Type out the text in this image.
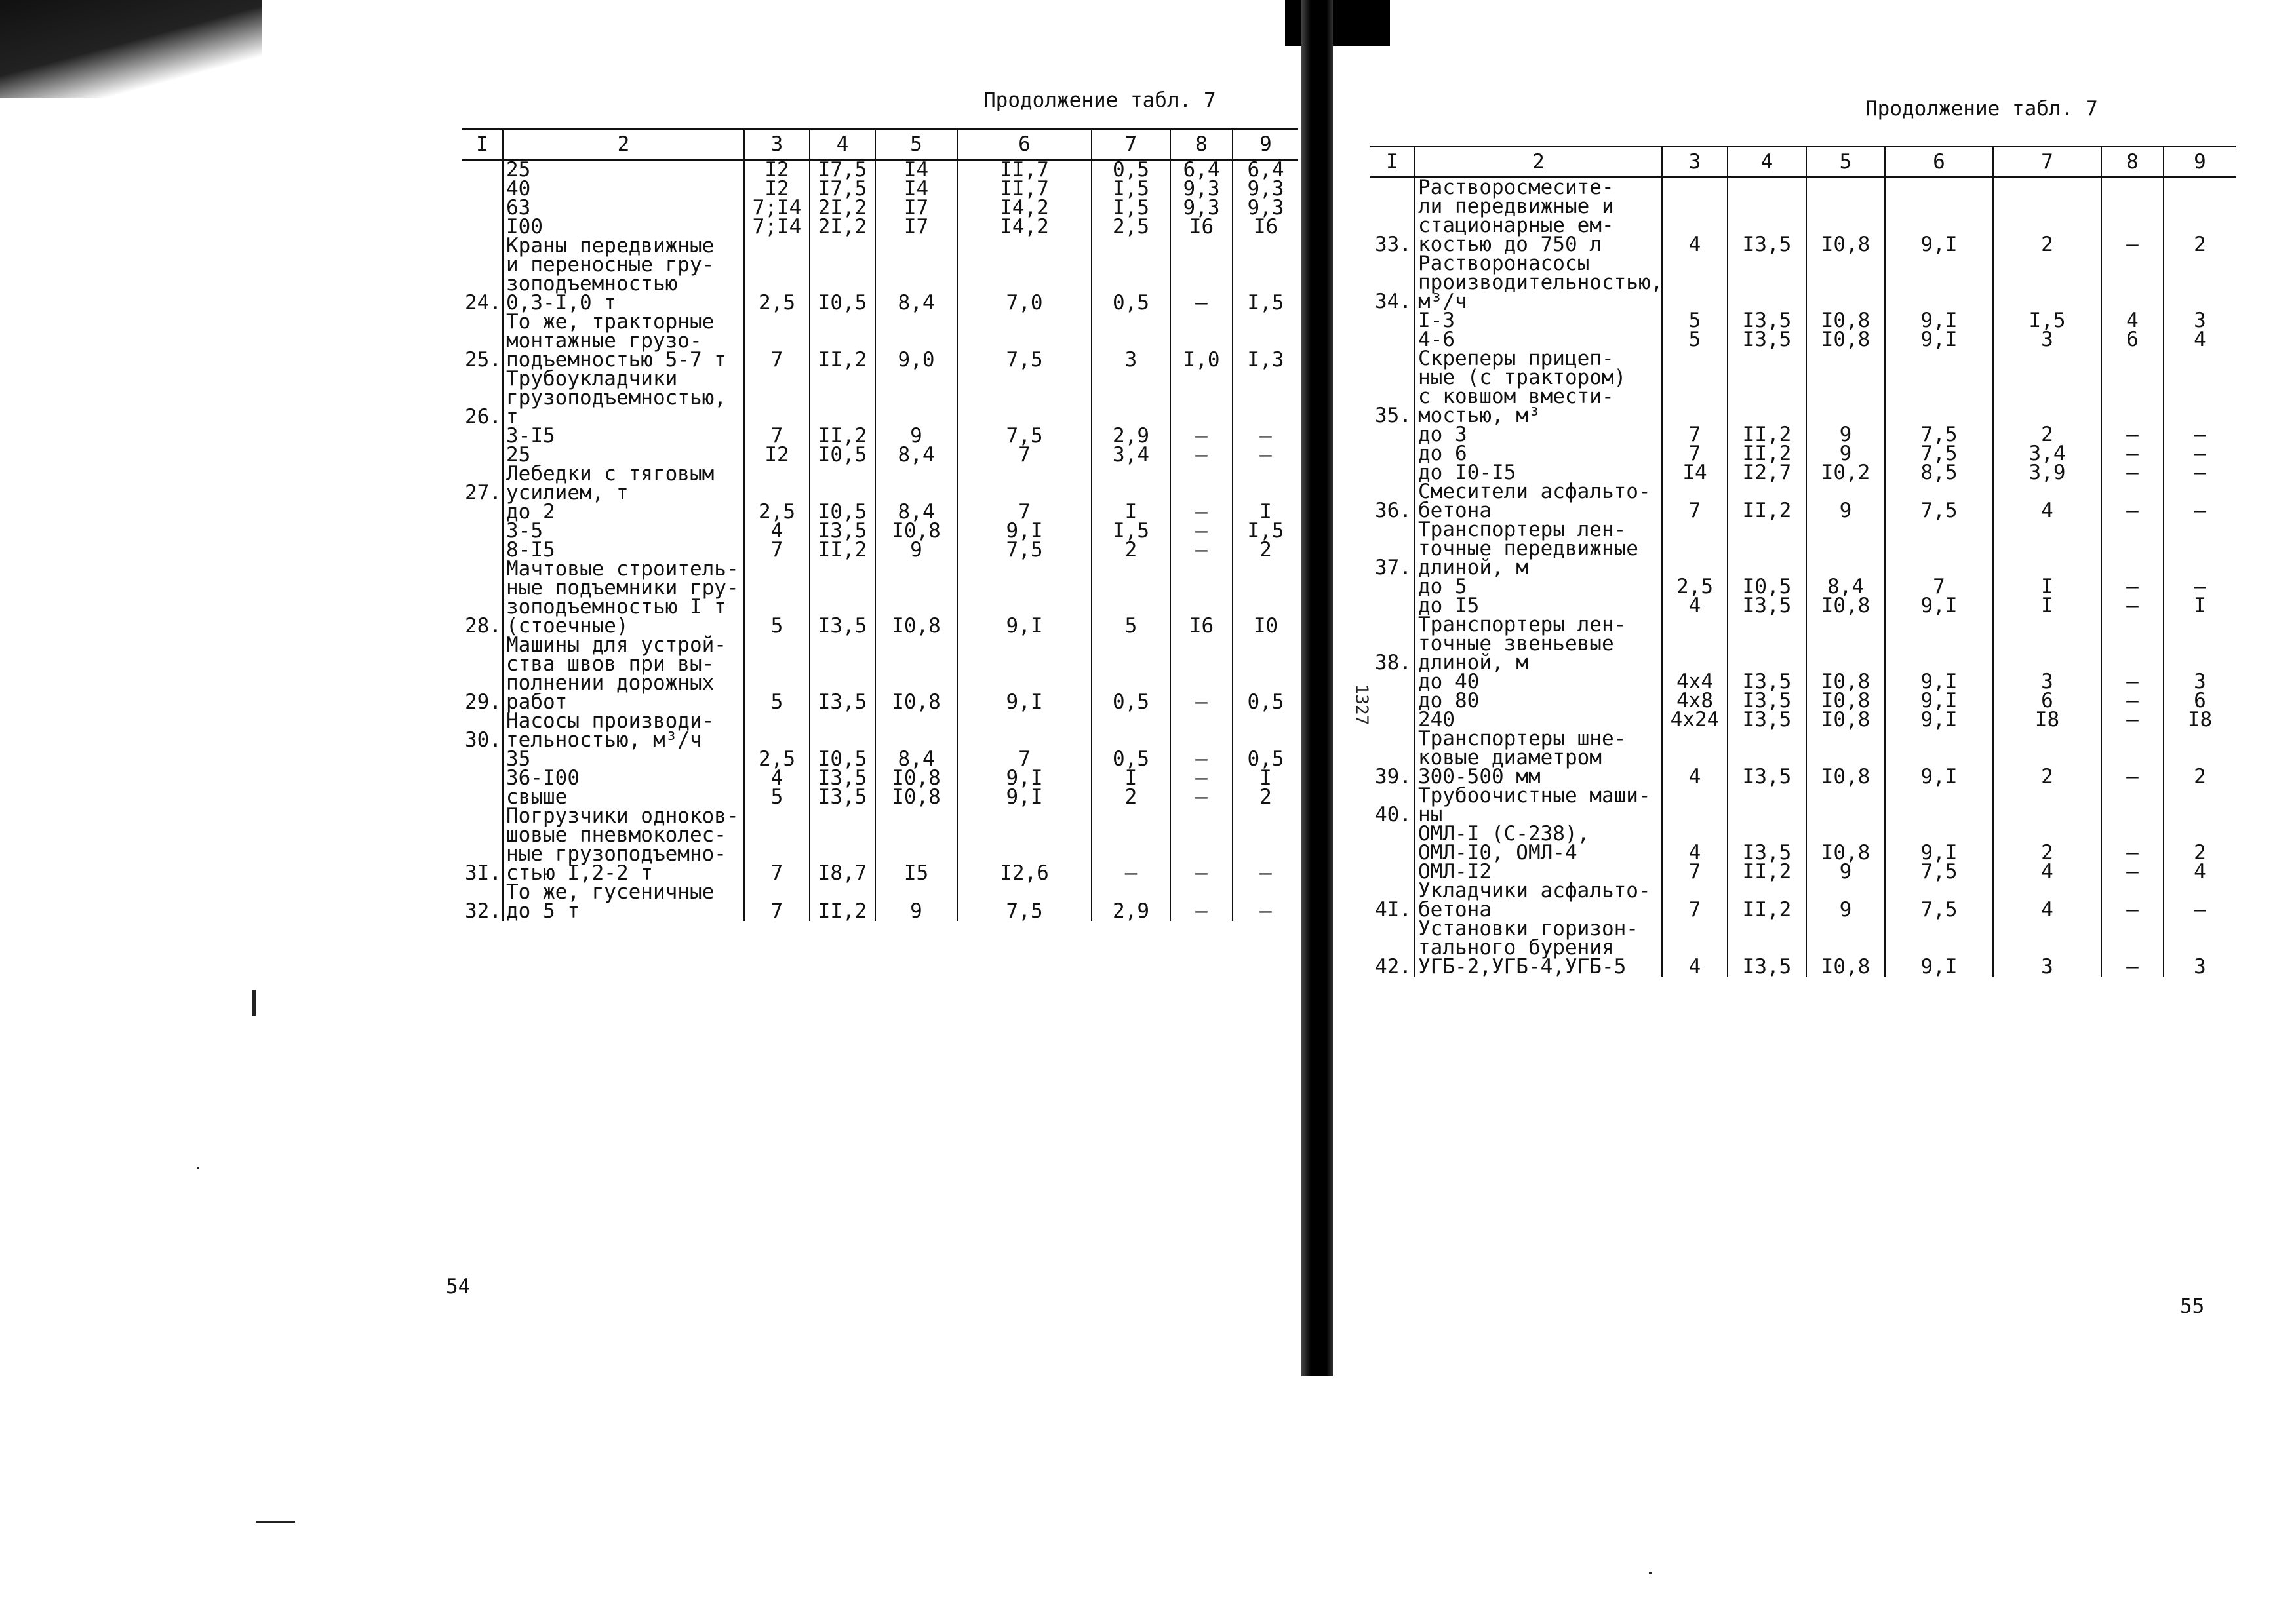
Продолжение табл. 7
I	2	3	4	5	6	7	8	9
	25	I2	I7,5	I4	II,7	0,5	6,4	6,4
	40	I2	I7,5	I4	II,7	I,5	9,3	9,3
	63	7;I4	2I,2	I7	I4,2	I,5	9,3	9,3
	I00	7;I4	2I,2	I7	I4,2	2,5	I6	I6
24.	Краны передвижные
и переносные гру-
зоподъемностью
0,3-I,0 т	2,5	I0,5	8,4	7,0	0,5	–	I,5
25.	То же, тракторные
монтажные грузо-
подъемностью 5-7 т	7	II,2	9,0	7,5	3	I,0	I,3
26.	Трубоукладчики
грузоподъемностью,
т							
	3-I5	7	II,2	9	7,5	2,9	–	–
	25	I2	I0,5	8,4	7	3,4	–	–
27.	Лебедки с тяговым
усилием, т							
	до 2	2,5	I0,5	8,4	7	I	–	I
	3-5	4	I3,5	I0,8	9,I	I,5	–	I,5
	8-I5	7	II,2	9	7,5	2	–	2
28.	Мачтовые строитель-
ные подъемники гру-
зоподъемностью I т
(стоечные)	5	I3,5	I0,8	9,I	5	I6	I0
29.	Машины для устрой-
ства швов при вы-
полнении дорожных
работ	5	I3,5	I0,8	9,I	0,5	–	0,5
30.	Насосы производи-
тельностью, м³/ч							
	35	2,5	I0,5	8,4	7	0,5	–	0,5
	36-I00	4	I3,5	I0,8	9,I	I	–	I
	свыше	5	I3,5	I0,8	9,I	2	–	2
3I.	Погрузчики одноков-
шовые пневмоколес-
ные грузоподъемно-
стью I,2-2 т	7	I8,7	I5	I2,6	–	–	–
32.	То же, гусеничные
до 5 т	7	II,2	9	7,5	2,9	–	–
54
Продолжение табл. 7
I	2	3	4	5	6	7	8	9
33.	Растворосмесите-
ли передвижные и
стационарные ем-
костью до 750 л	4	I3,5	I0,8	9,I	2	–	2
34.	Растворонасосы
производительностью,
м³/ч							
	I-3	5	I3,5	I0,8	9,I	I,5	4	3
	4-6	5	I3,5	I0,8	9,I	3	6	4
35.	Скреперы прицеп-
ные (с трактором)
с ковшом вмести-
мостью, м³							
	до 3	7	II,2	9	7,5	2	–	–
	до 6	7	II,2	9	7,5	3,4	–	–
	до I0-I5	I4	I2,7	I0,2	8,5	3,9	–	–
36.	Смесители асфальто-
бетона	7	II,2	9	7,5	4	–	–
37.	Транспортеры лен-
точные передвижные
длиной, м							
	до 5	2,5	I0,5	8,4	7	I	–	–
	до I5	4	I3,5	I0,8	9,I	I	–	I
38.	Транспортеры лен-
точные звеньевые
длиной, м							
	до 40	4x4	I3,5	I0,8	9,I	3	–	3
	до 80	4x8	I3,5	I0,8	9,I	6	–	6
	240	4x24	I3,5	I0,8	9,I	I8	–	I8
39.	Транспортеры шне-
ковые диаметром
300-500 мм	4	I3,5	I0,8	9,I	2	–	2
40.	Трубоочистные маши-
ны							
	ОМЛ-I (С-238),
ОМЛ-I0, ОМЛ-4	4	I3,5	I0,8	9,I	2	–	2
	ОМЛ-I2	7	II,2	9	7,5	4	–	4
4I.	Укладчики асфальто-
бетона	7	II,2	9	7,5	4	–	–
42.	Установки горизон-
тального бурения
УГБ-2,УГБ-4,УГБ-5	4	I3,5	I0,8	9,I	3	–	3
55
1327
